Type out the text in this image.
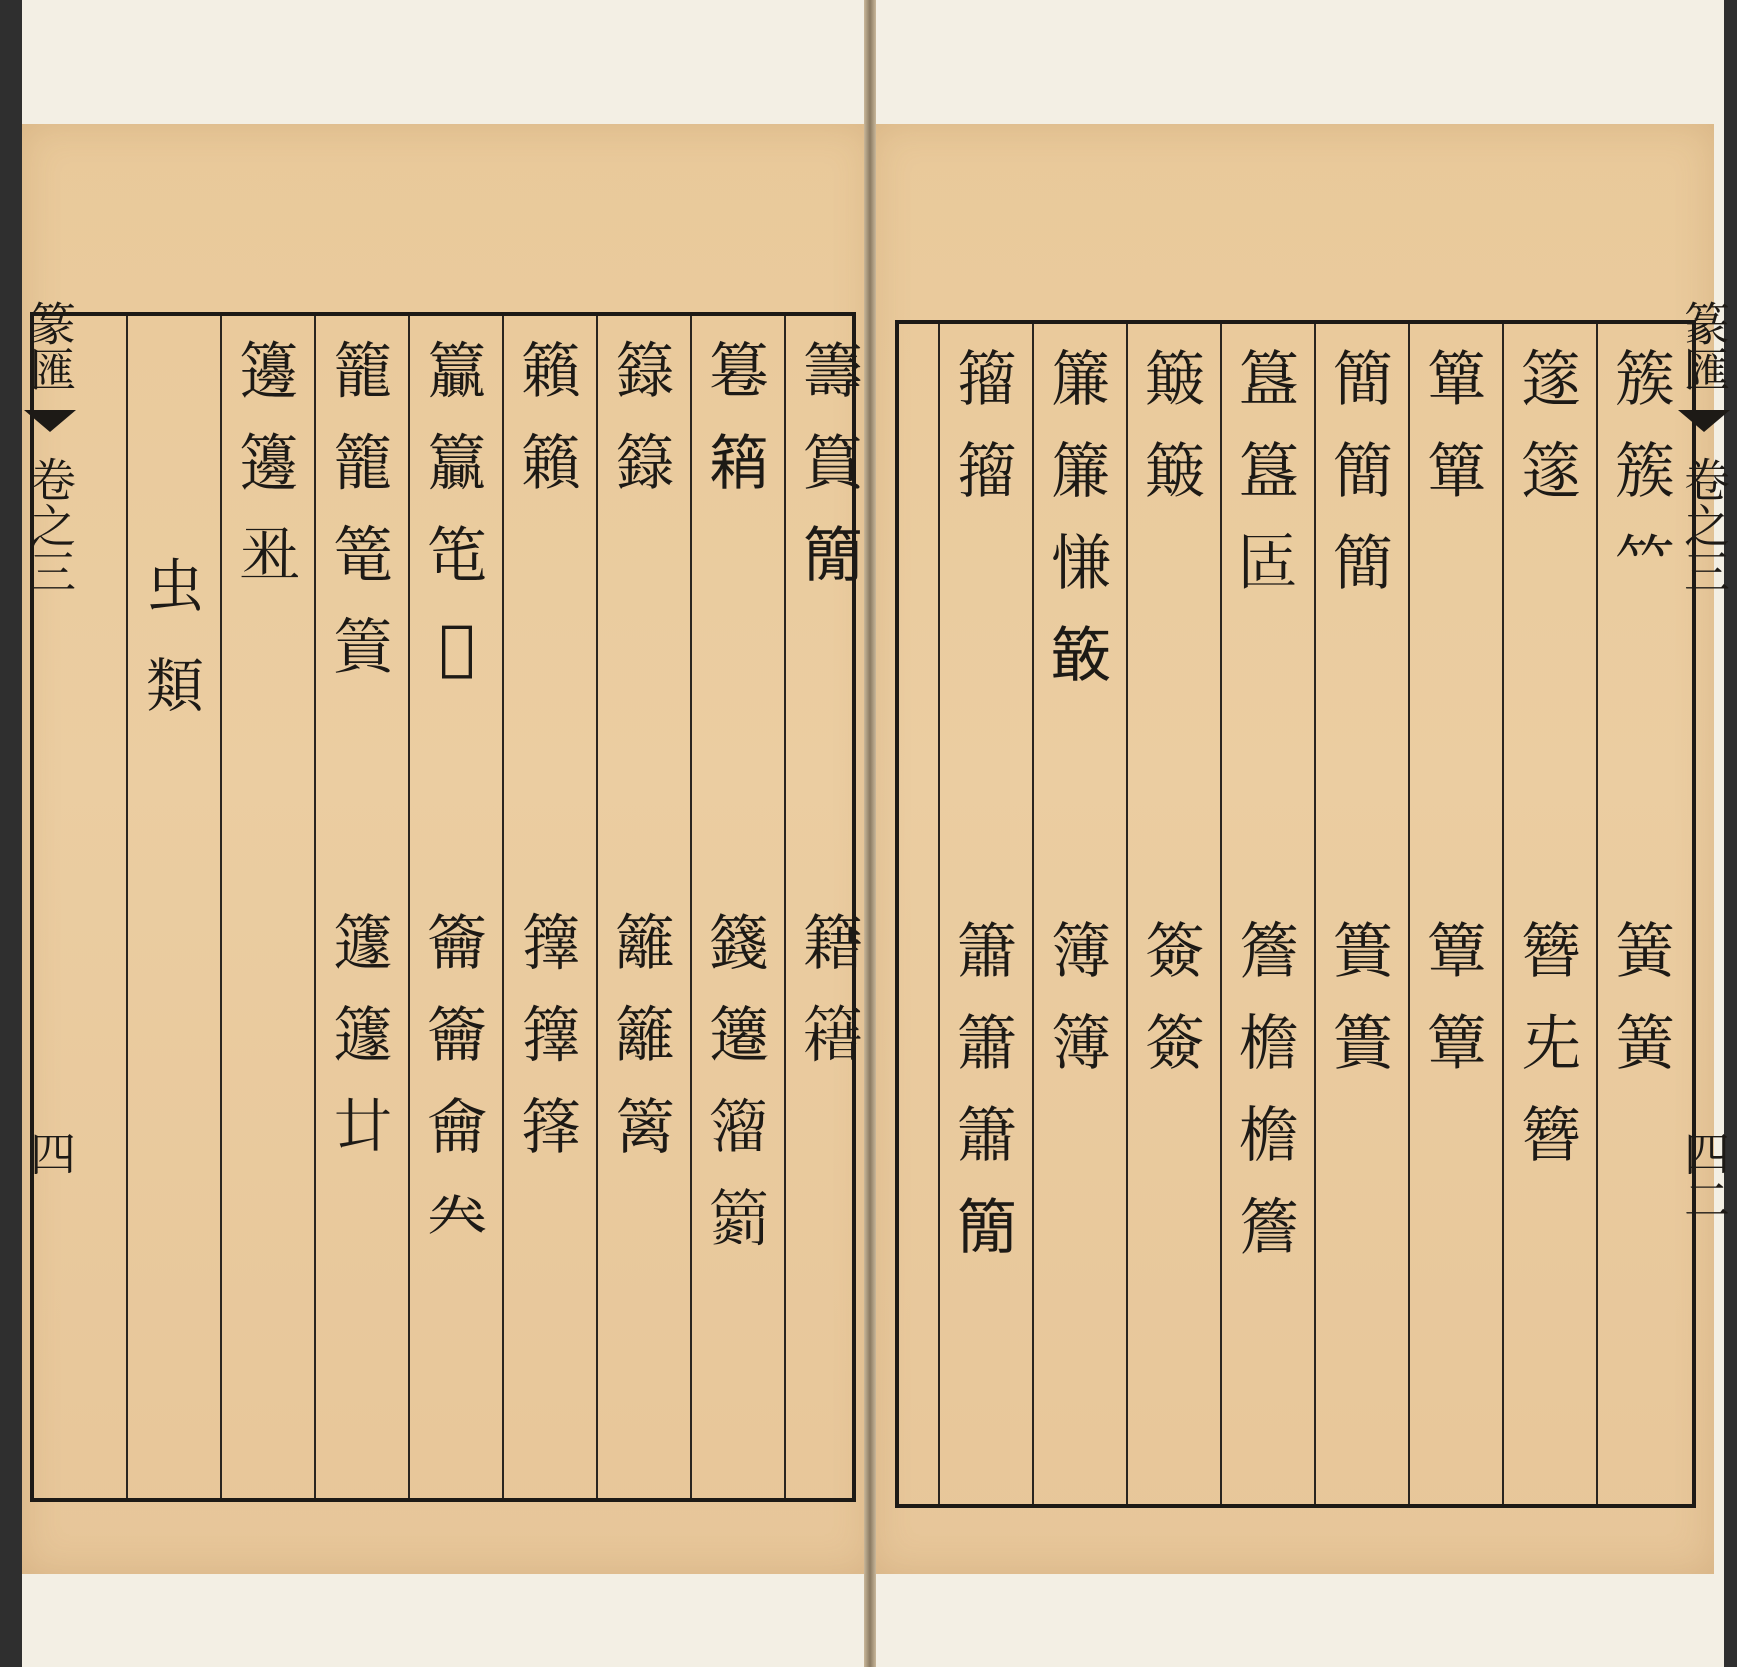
籌
篔
𥳑
籍
𥳯
篹
𥳓
籛
䉦
𥵄
𥶖
籙
籙
籬
籬
篱
籟
籟
籜
籜
箨
籯
籯
𥫱
𥫲
籥
籥
龠
𠔉
籠
籠
篭
篢
籧
籧
𠥻
籩
籩
𥸨
虫
類
篆匯
卷之三
四
簇
簇
𥫗
簧
簧
篴
篴
簪
兂
簪
簞
簞
簟
簟
簡
簡
簡
簣
簣
簋
簋
𠤳
簷
檐
檐
簷
簸
簸
簽
簽
簾
簾
慊
𥴊
簿
簿
籀
籀
簫
簫
簫
𥳑
篆匯
卷之三
四二
